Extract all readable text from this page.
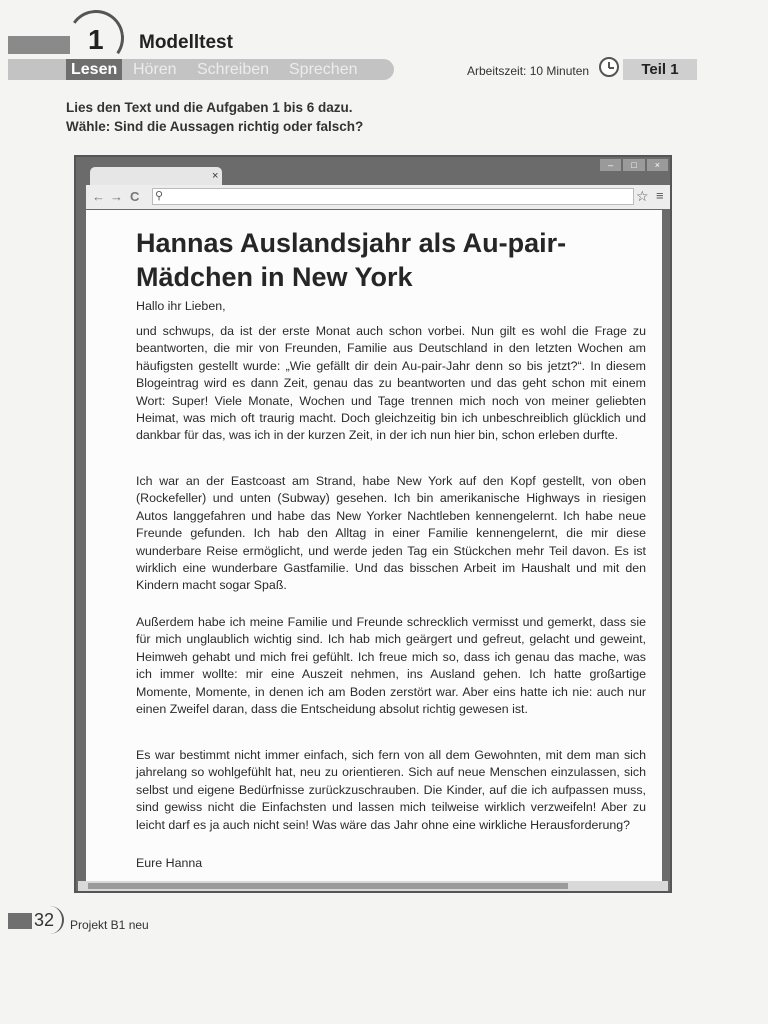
1 Modelltest
Lesen Hören Schreiben Sprechen	Arbeitszeit: 10 Minuten	Teil 1
Lies den Text und die Aufgaben 1 bis 6 dazu.
Wähle: Sind die Aussagen richtig oder falsch?
×
–	□	×
← → C ⚲	☆ ≡
Hannas Auslandsjahr als Au-pair-
Mädchen in New York

Hallo ihr Lieben,

und schwups, da ist der erste Monat auch schon vorbei. Nun gilt es wohl die Frage zu beantworten, die mir von Freunden, Familie aus Deutschland in den letzten Wochen am häufigsten gestellt wurde: „Wie gefällt dir dein Au-pair-Jahr denn so bis jetzt?“. In diesem Blogeintrag wird es dann Zeit, genau das zu beantworten und das geht schon mit einem Wort: Super! Viele Monate, Wochen und Tage trennen mich noch von meiner geliebten Heimat, was mich oft traurig macht. Doch gleichzeitig bin ich unbeschreiblich glücklich und dankbar für das, was ich in der kurzen Zeit, in der ich nun hier bin, schon erleben durfte.

Ich war an der Eastcoast am Strand, habe New York auf den Kopf gestellt, von oben (Rockefeller) und unten (Subway) gesehen. Ich bin amerikanische Highways in riesigen Autos langgefahren und habe das New Yorker Nachtleben kennengelernt. Ich habe neue Freunde gefunden. Ich hab den Alltag in einer Familie kennengelernt, die mir diese wunderbare Reise ermöglicht, und werde jeden Tag ein Stückchen mehr Teil davon. Es ist wirklich eine wunderbare Gastfamilie. Und das bisschen Arbeit im Haushalt und mit den Kindern macht sogar Spaß.

Außerdem habe ich meine Familie und Freunde schrecklich vermisst und gemerkt, dass sie für mich unglaublich wichtig sind. Ich hab mich geärgert und gefreut, gelacht und geweint, Heimweh gehabt und mich frei gefühlt. Ich freue mich so, dass ich genau das mache, was ich immer wollte: mir eine Auszeit nehmen, ins Ausland gehen. Ich hatte großartige Momente, Momente, in denen ich am Boden zerstört war. Aber eins hatte ich nie: auch nur einen Zweifel daran, dass die Entscheidung absolut richtig gewesen ist.

Es war bestimmt nicht immer einfach, sich fern von all dem Gewohnten, mit dem man sich jahrelang so wohlgefühlt hat, neu zu orientieren. Sich auf neue Menschen einzulassen, sich selbst und eigene Bedürfnisse zurückzuschrauben. Die Kinder, auf die ich aufpassen muss, sind gewiss nicht die Einfachsten und lassen mich teilweise wirklich verzweifeln! Aber zu leicht darf es ja auch nicht sein! Was wäre das Jahr ohne eine wirkliche Herausforderung?

Eure Hanna

32 Projekt B1 neu
